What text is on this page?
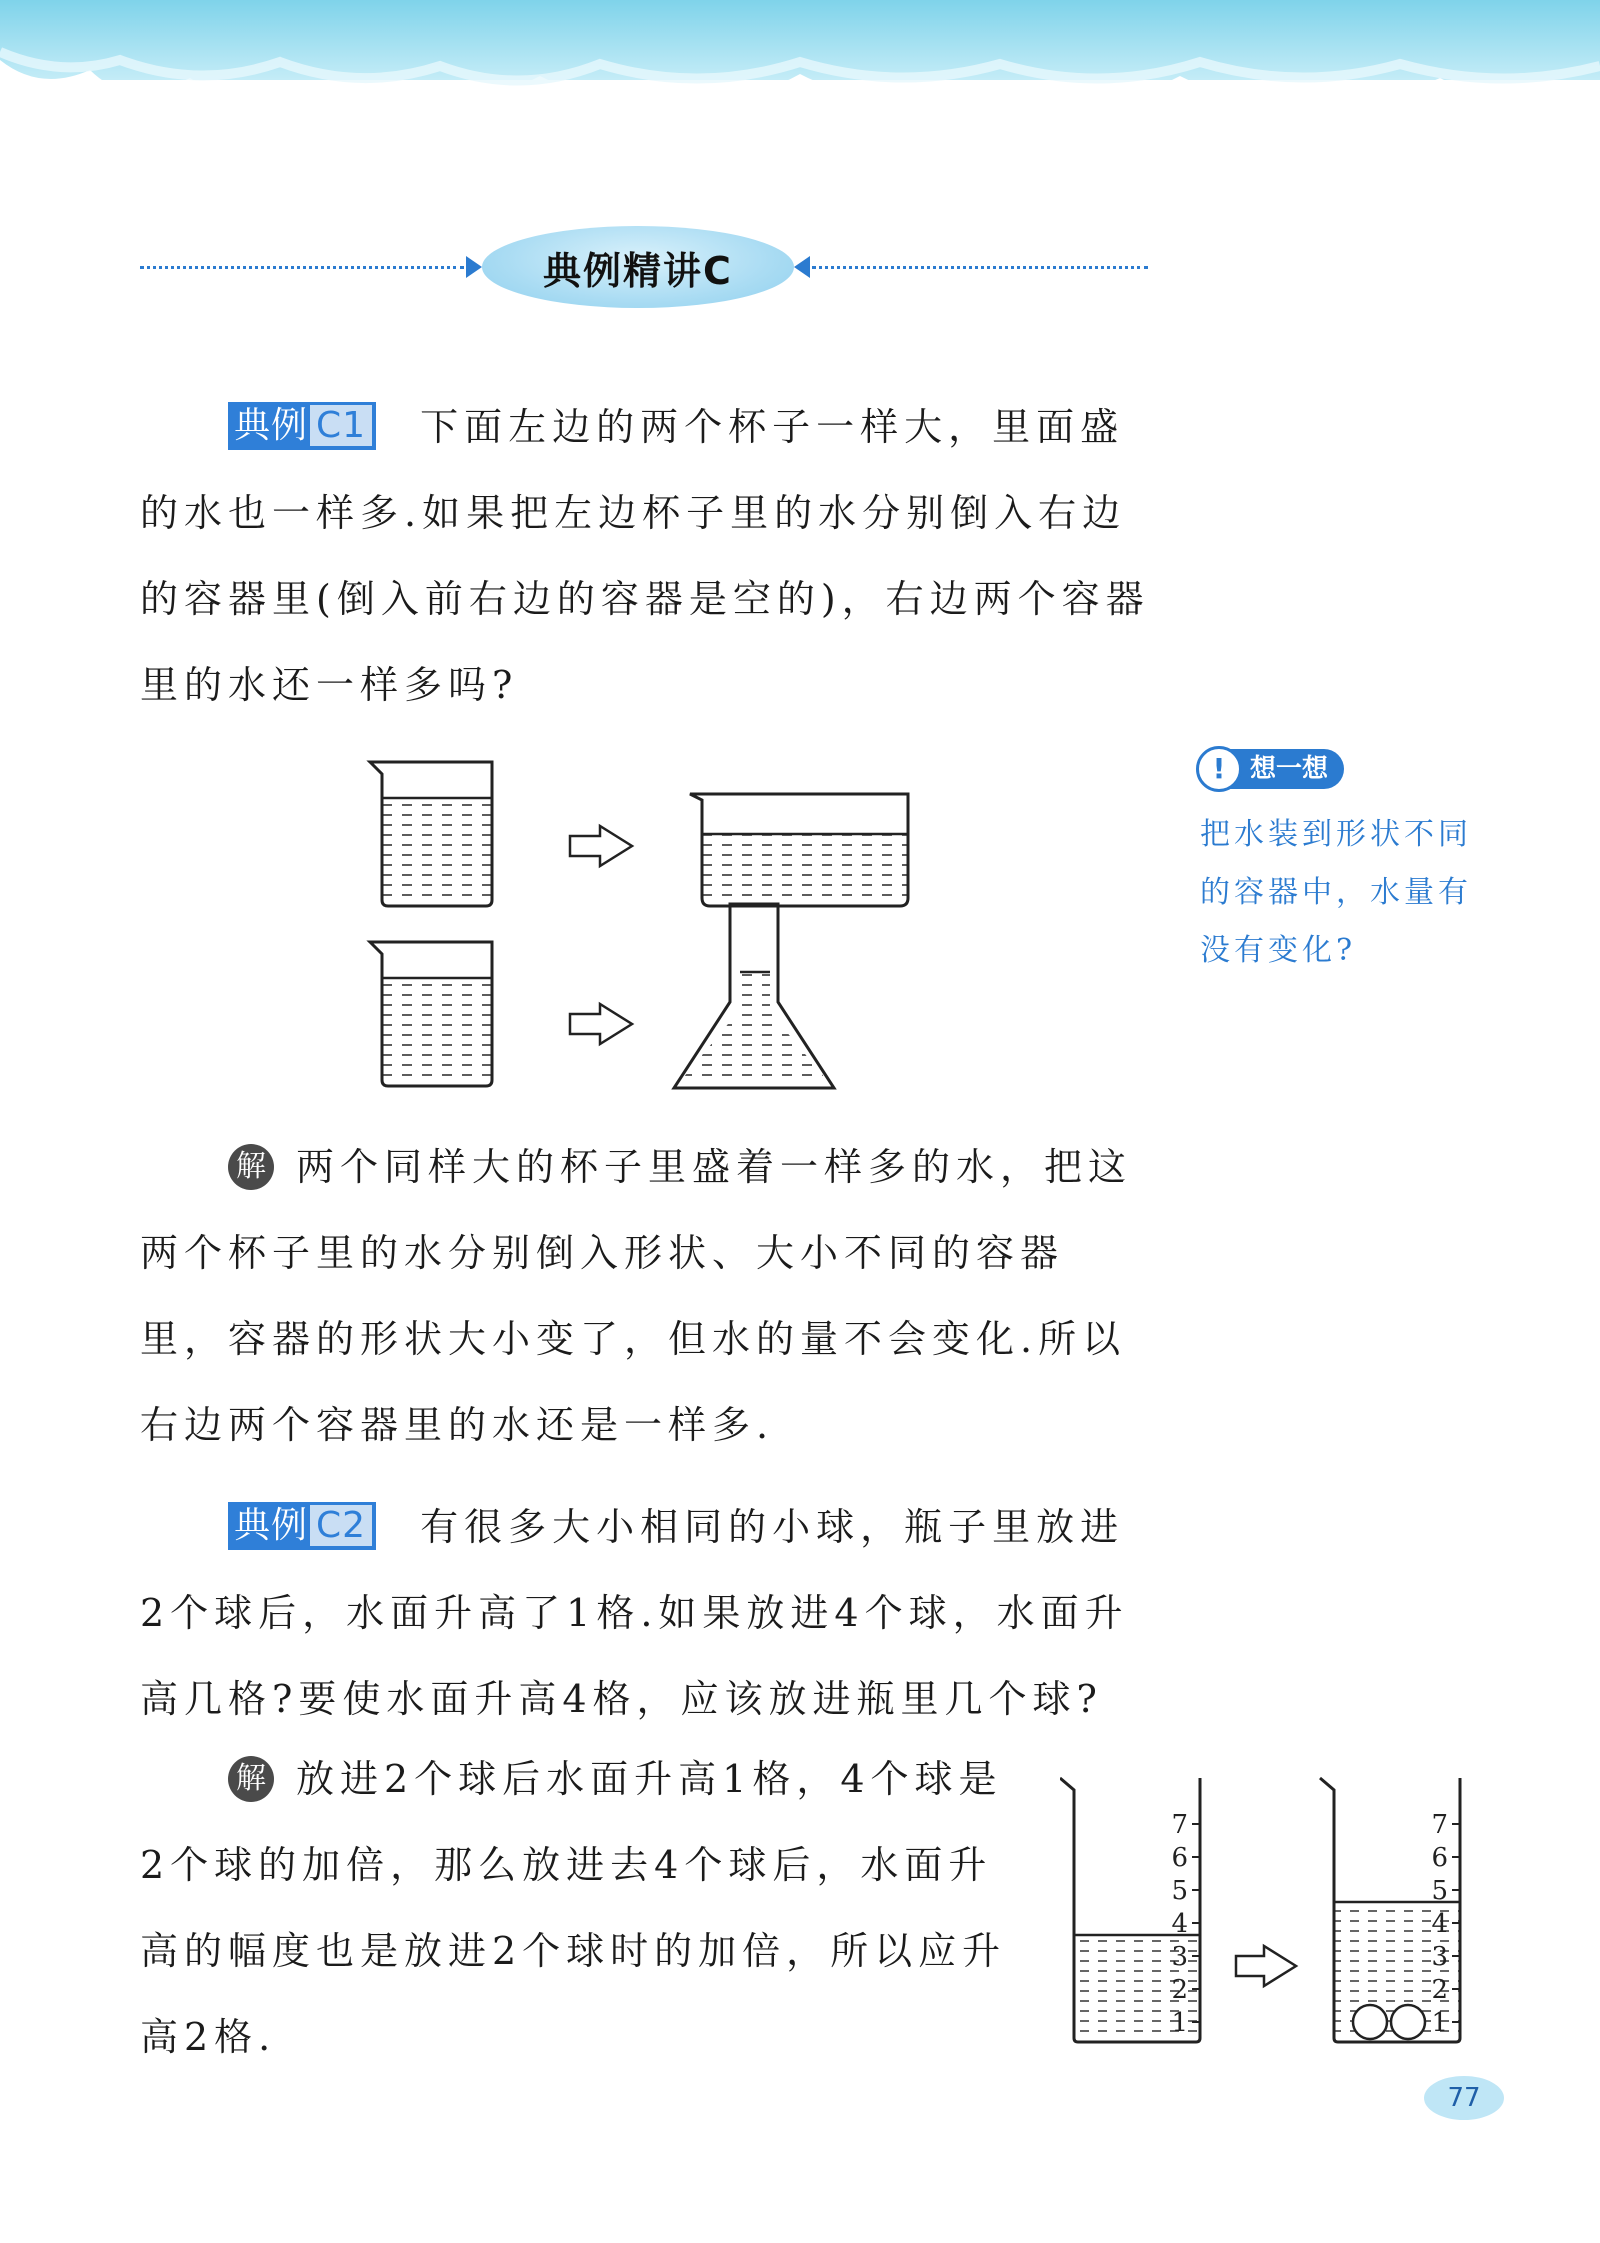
典例精讲C

典例 C1 下面左边的两个杯子一样大，里面盛的水也一样多.如果把左边杯子里的水分别倒入右边的容器里(倒入前右边的容器是空的)，右边两个容器里的水还一样多吗?

! 想一想
把水装到形状不同的容器中，水量有没有变化?

解 两个同样大的杯子里盛着一样多的水，把这两个杯子里的水分别倒入形状、大小不同的容器里，容器的形状大小变了，但水的量不会变化.所以右边两个容器里的水还是一样多.

典例 C2 有很多大小相同的小球，瓶子里放进2个球后，水面升高了1格.如果放进4个球，水面升高几格?要使水面升高4格，应该放进瓶里几个球?

解 放进2个球后水面升高1格，4个球是2个球的加倍，那么放进去4个球后，水面升高的幅度也是放进2个球时的加倍，所以应升高2格.	1
2
3
4
5
6
7
1
2
3
4
5
6
7
77
